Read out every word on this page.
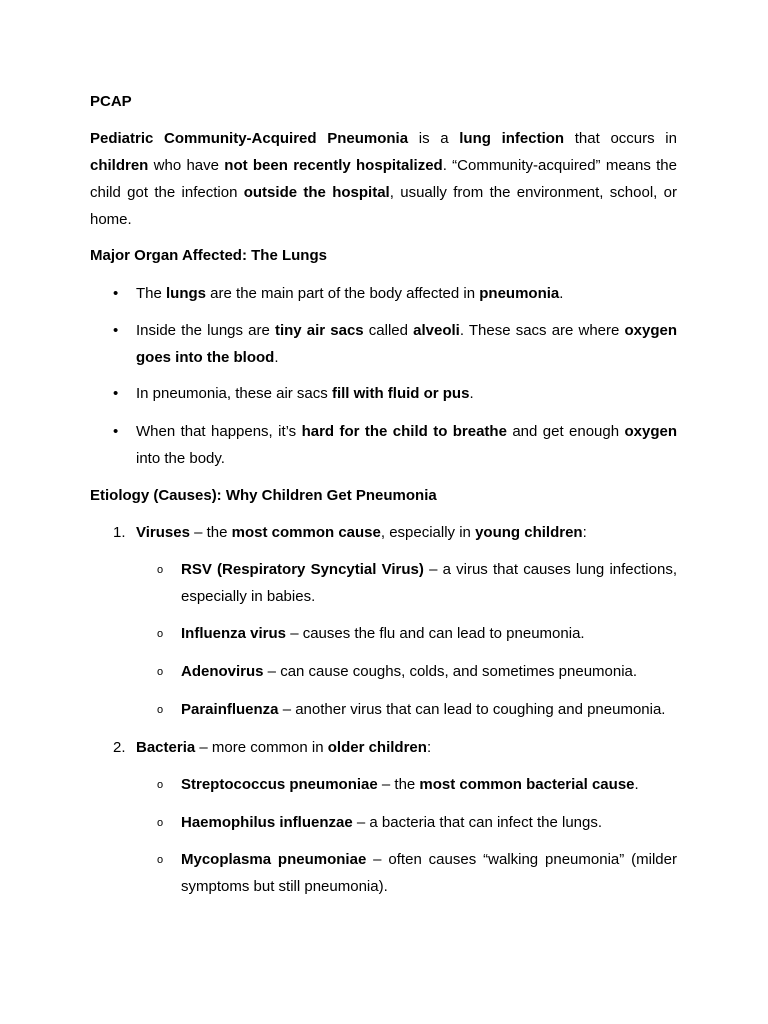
PCAP

Pediatric Community-Acquired Pneumonia is a lung infection that occurs in children who have not been recently hospitalized. “Community-acquired” means the child got the infection outside the hospital, usually from the environment, school, or home.

Major Organ Affected: The Lungs

• The lungs are the main part of the body affected in pneumonia.

• Inside the lungs are tiny air sacs called alveoli. These sacs are where oxygen goes into the blood.

• In pneumonia, these air sacs fill with fluid or pus.

• When that happens, it’s hard for the child to breathe and get enough oxygen into the body.

Etiology (Causes): Why Children Get Pneumonia

1. Viruses – the most common cause, especially in young children:

o RSV (Respiratory Syncytial Virus) – a virus that causes lung infections, especially in babies.

o Influenza virus – causes the flu and can lead to pneumonia.

o Adenovirus – can cause coughs, colds, and sometimes pneumonia.

o Parainfluenza – another virus that can lead to coughing and pneumonia.

2. Bacteria – more common in older children:

o Streptococcus pneumoniae – the most common bacterial cause.

o Haemophilus influenzae – a bacteria that can infect the lungs.

o Mycoplasma pneumoniae – often causes “walking pneumonia” (milder symptoms but still pneumonia).
